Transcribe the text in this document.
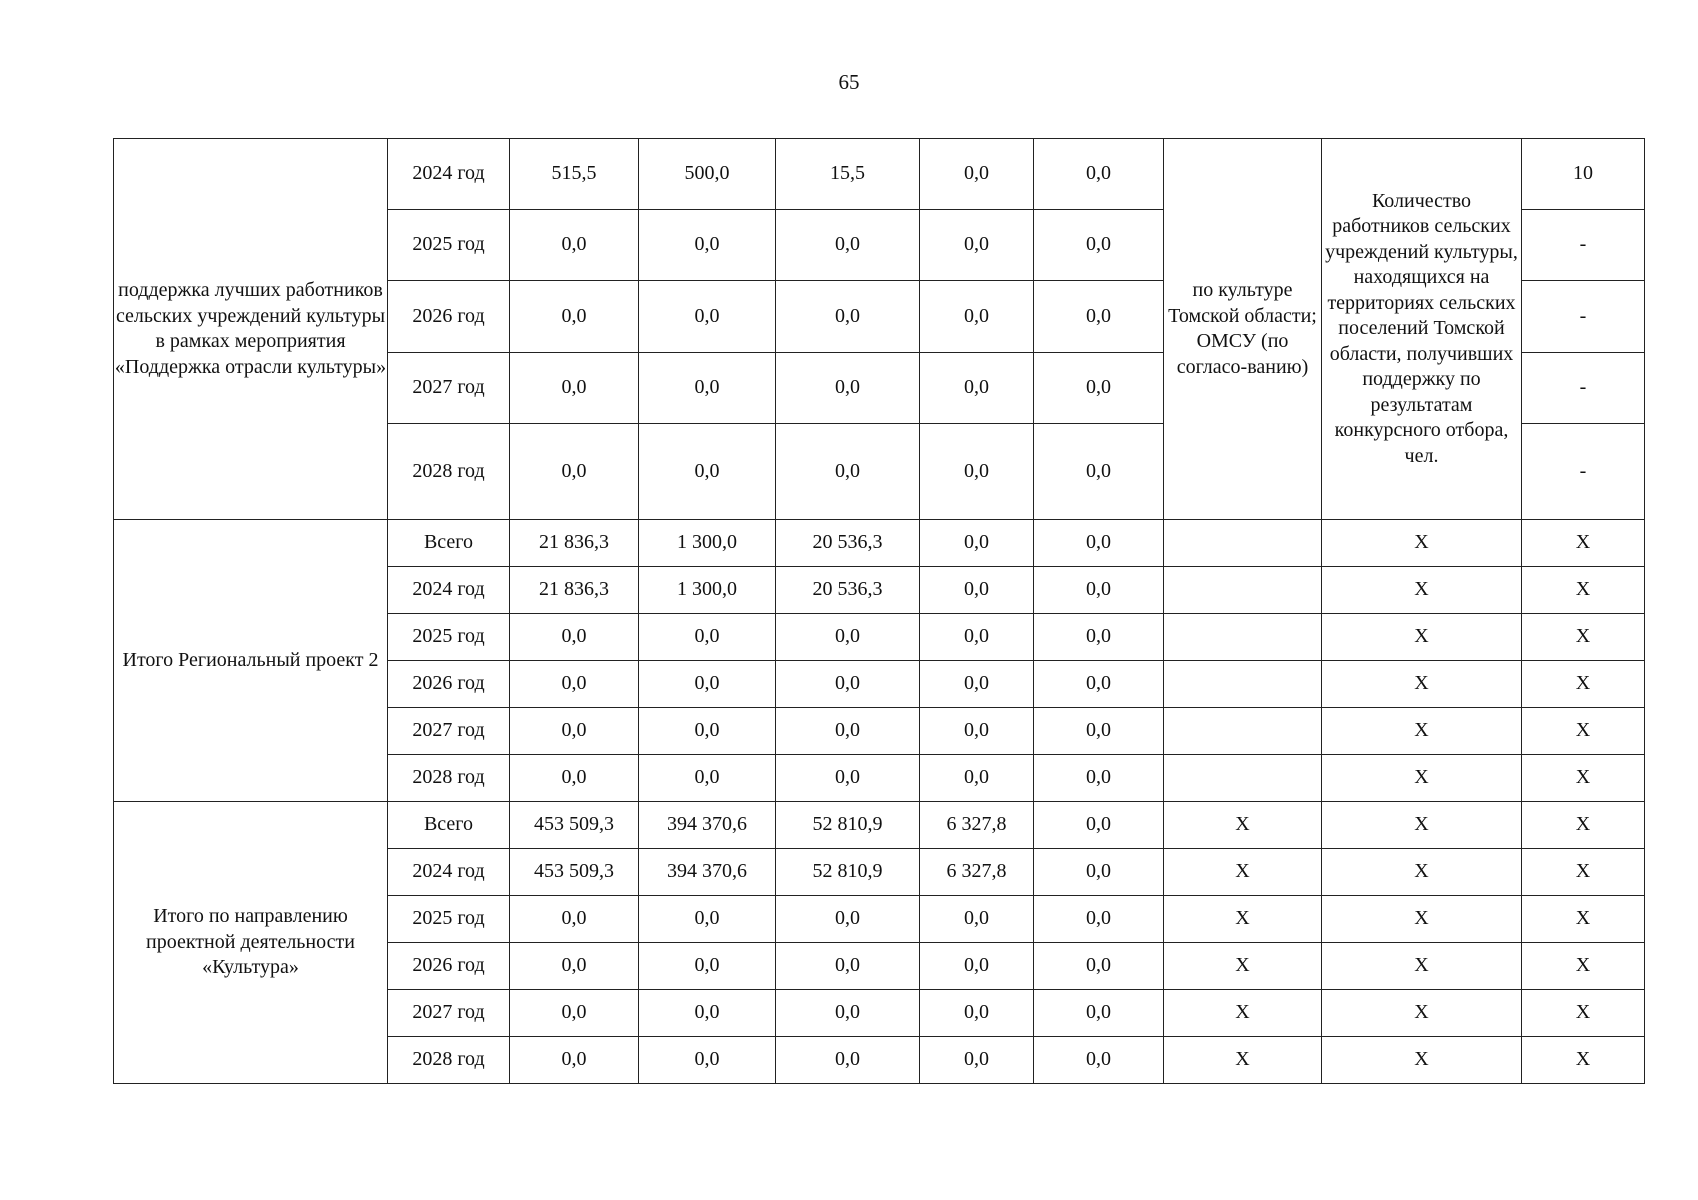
65
поддержка лучших работников сельских учреждений культуры в рамках мероприятия «Поддержка отрасли культуры»	2024 год	515,5	500,0	15,5	0,0	0,0	по культуре Томской области; ОМСУ (по согласо-ванию)	Количество работников сельских учреждений культуры, находящихся на территориях сельских поселений Томской области, получивших поддержку по результатам конкурсного отбора, чел.	10
	2025 год	0,0	0,0	0,0	0,0	0,0			-
	2026 год	0,0	0,0	0,0	0,0	0,0			-
	2027 год	0,0	0,0	0,0	0,0	0,0			-
	2028 год	0,0	0,0	0,0	0,0	0,0			-
Итого Региональный проект 2	Всего	21 836,3	1 300,0	20 536,3	0,0	0,0		X	X
	2024 год	21 836,3	1 300,0	20 536,3	0,0	0,0		X	X
	2025 год	0,0	0,0	0,0	0,0	0,0		X	X
	2026 год	0,0	0,0	0,0	0,0	0,0		X	X
	2027 год	0,0	0,0	0,0	0,0	0,0		X	X
	2028 год	0,0	0,0	0,0	0,0	0,0		X	X
Итого по направлению проектной деятельности «Культура»	Всего	453 509,3	394 370,6	52 810,9	6 327,8	0,0	X	X	X
	2024 год	453 509,3	394 370,6	52 810,9	6 327,8	0,0	X	X	X
	2025 год	0,0	0,0	0,0	0,0	0,0	X	X	X
	2026 год	0,0	0,0	0,0	0,0	0,0	X	X	X
	2027 год	0,0	0,0	0,0	0,0	0,0	X	X	X
	2028 год	0,0	0,0	0,0	0,0	0,0	X	X	X
